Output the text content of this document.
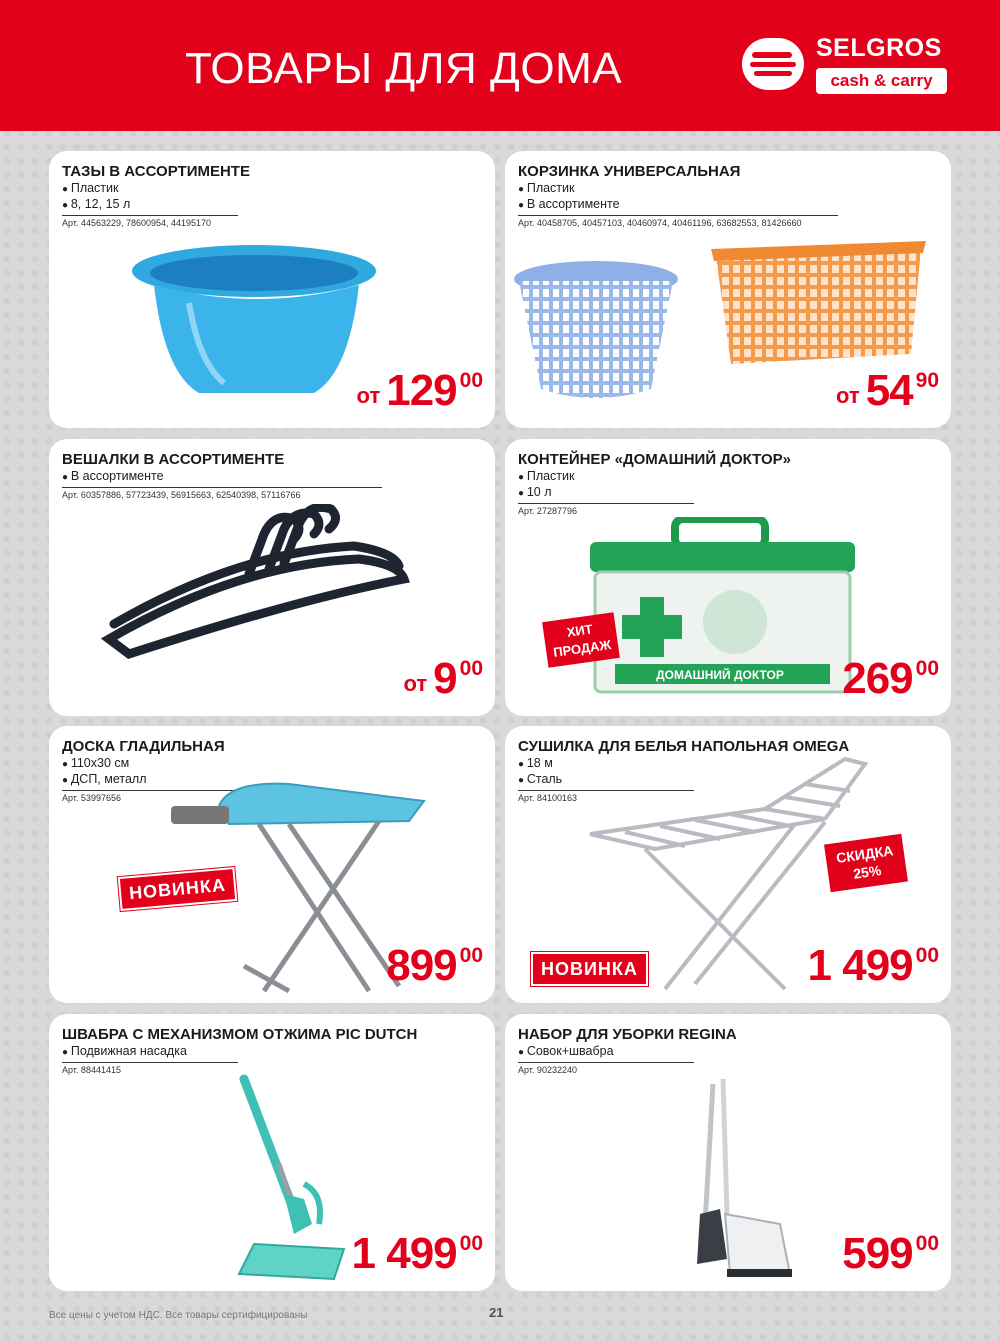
ТОВАРЫ ДЛЯ ДОМА	SELGROS
cash & carry
ТАЗЫ В АССОРТИМЕНТЕ
● Пластик
● 8, 12, 15 л
Арт. 44563229, 78600954, 44195170
от 129 00
КОРЗИНКА УНИВЕРСАЛЬНАЯ
● Пластик
● В ассортименте
Арт. 40458705, 40457103, 40460974, 40461196, 63682553, 81426660
от 54 90
ВЕШАЛКИ В АССОРТИМЕНТЕ
● В ассортименте
Арт. 60357886, 57723439, 56915663, 62540398, 57116766
от 9 00
КОНТЕЙНЕР «ДОМАШНИЙ ДОКТОР»
● Пластик
● 10 л
Арт. 27287796
ХИТ ПРОДАЖ
ДОМАШНИЙ ДОКТОР	269 00
ДОСКА ГЛАДИЛЬНАЯ
● 110х30 см
● ДСП, металл
Арт. 53997656
НОВИНКА
899 00
СУШИЛКА ДЛЯ БЕЛЬЯ НАПОЛЬНАЯ OMEGA
● 18 м
● Сталь
Арт. 84100163
СКИДКА 25%
НОВИНКА	1 499 00
ШВАБРА С МЕХАНИЗМОМ ОТЖИМА PIC DUTCH
● Подвижная насадка
Арт. 88441415
1 499 00
НАБОР ДЛЯ УБОРКИ REGINA
● Совок+швабра
Арт. 90232240
599 00
Все цены с учетом НДС. Все товары сертифицированы	21
